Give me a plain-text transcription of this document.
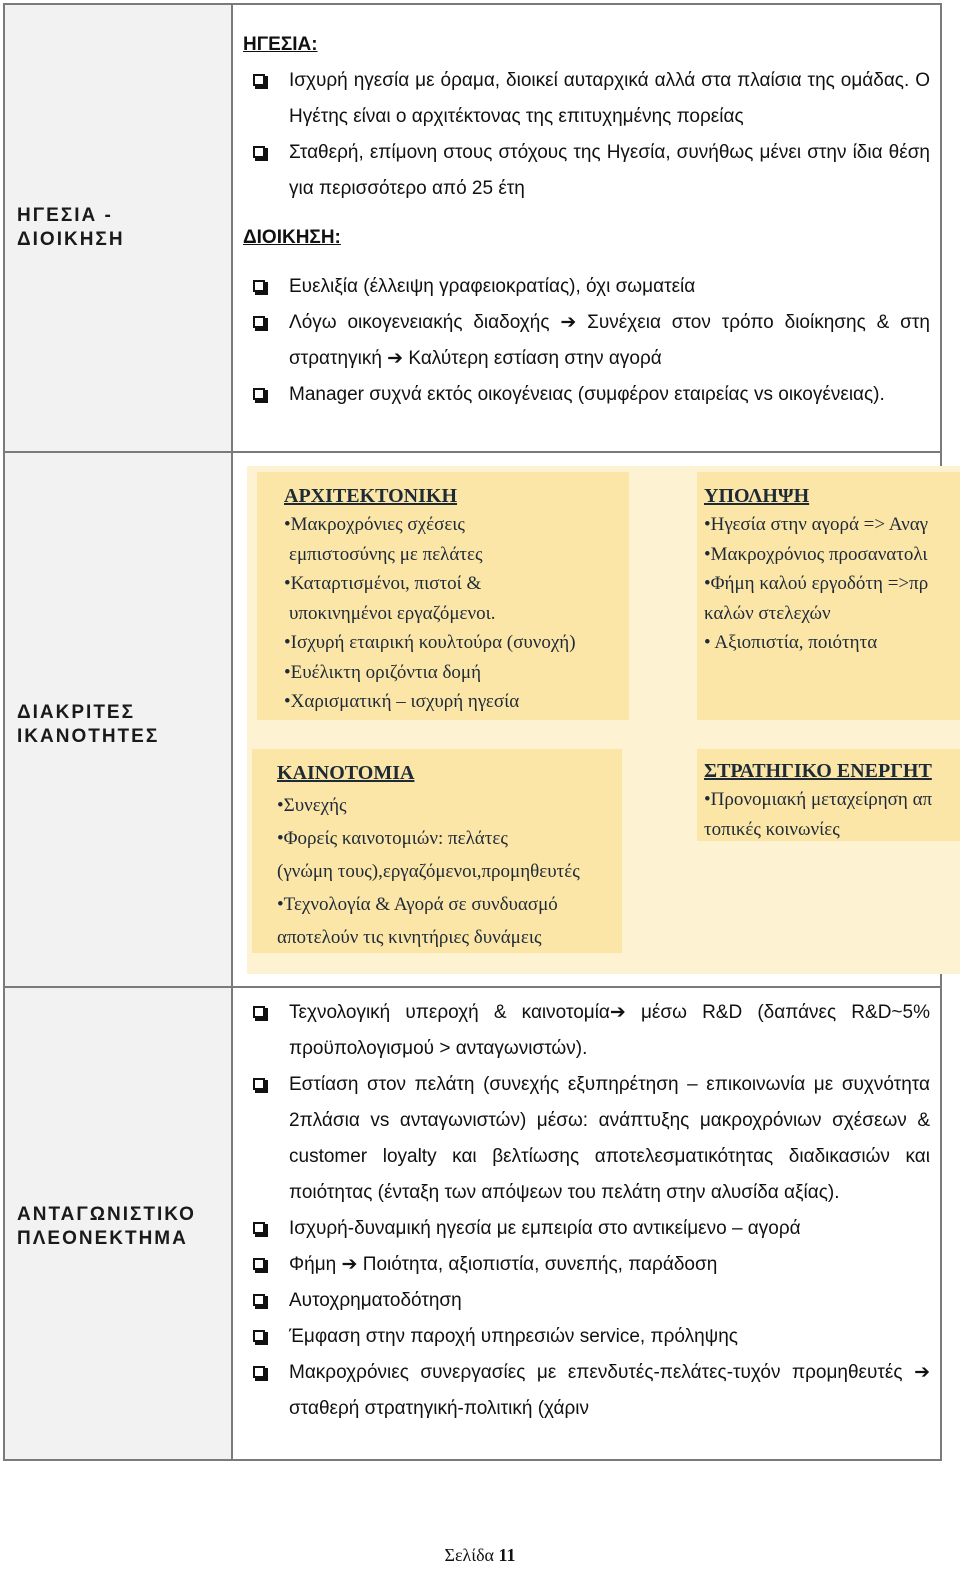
ΗΓΕΣΙΑ -
ΔΙΟΙΚΗΣΗ
ΗΓΕΣΙΑ:
Ισχυρή ηγεσία με όραμα, διοικεί αυταρχικά αλλά στα πλαίσια της ομάδας. Ο Ηγέτης είναι ο αρχιτέκτονας της επιτυχημένης πορείας
Σταθερή, επίμονη στους στόχους της Ηγεσία, συνήθως μένει στην ίδια θέση για περισσότερο από 25 έτη
ΔΙΟΙΚΗΣΗ:
Ευελιξία (έλλειψη γραφειοκρατίας), όχι σωματεία
Λόγω οικογενειακής διαδοχής ➔ Συνέχεια στον τρόπο διοίκησης & στη στρατηγική ➔ Καλύτερη εστίαση στην αγορά
Manager συχνά εκτός οικογένειας (συμφέρον εταιρείας vs οικογένειας).
ΔΙΑΚΡΙΤΕΣ
ΙΚΑΝΟΤΗΤΕΣ
ΑΡΧΙΤΕΚΤΟΝΙΚΗ
•Μακροχρόνιες σχέσεις
εμπιστοσύνης με πελάτες
•Καταρτισμένοι, πιστοί &
υποκινημένοι εργαζόμενοι.
•Ισχυρή εταιρική κουλτούρα (συνοχή)
•Ευέλικτη οριζόντια δομή
•Χαρισματική – ισχυρή ηγεσία
ΥΠΟΛΗΨΗ
•Ηγεσία στην αγορά => Αναγ
•Μακροχρόνιος προσανατολι
•Φήμη καλού εργοδότη =>πρ
καλών στελεχών
• Αξιοπιστία, ποιότητα
ΚΑΙΝΟΤΟΜΙΑ
•Συνεχής
•Φορείς καινοτομιών: πελάτες
(γνώμη τους),εργαζόμενοι,προμηθευτές
•Τεχνολογία & Αγορά σε συνδυασμό
αποτελούν τις κινητήριες δυνάμεις
ΣΤΡΑΤΗΓΙΚΟ ΕΝΕΡΓΗΤ
•Προνομιακή μεταχείρηση απ
τοπικές κοινωνίες
ΑΝΤΑΓΩΝΙΣΤΙΚΟ
ΠΛΕΟΝΕΚΤΗΜΑ
Τεχνολογική υπεροχή & καινοτομία➔ μέσω R&D (δαπάνες R&D~5% προϋπολογισμού > ανταγωνιστών).
Εστίαση στον πελάτη (συνεχής εξυπηρέτηση – επικοινωνία με συχνότητα 2πλάσια vs ανταγωνιστών) μέσω: ανάπτυξης μακροχρόνιων σχέσεων & customer loyalty και βελτίωσης αποτελεσματικότητας διαδικασιών και ποιότητας (ένταξη των απόψεων του πελάτη στην αλυσίδα αξίας).
Ισχυρή-δυναμική ηγεσία με εμπειρία στο αντικείμενο – αγορά
Φήμη ➔ Ποιότητα, αξιοπιστία, συνεπής, παράδοση
Αυτοχρηματοδότηση
Έμφαση στην παροχή υπηρεσιών service, πρόληψης
Μακροχρόνιες συνεργασίες με επενδυτές-πελάτες-τυχόν προμηθευτές ➔ σταθερή στρατηγική-πολιτική (χάριν
Σελίδα 11
